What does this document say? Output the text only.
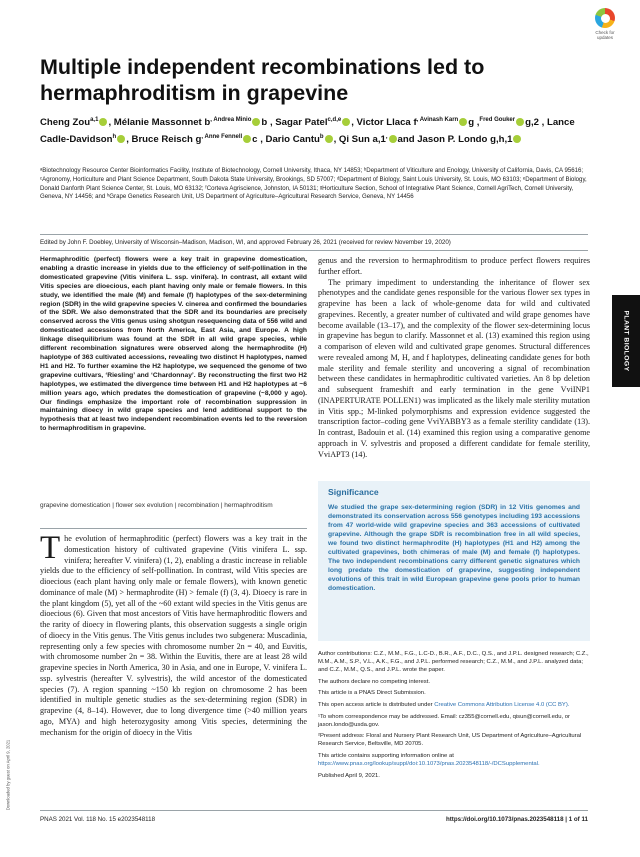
Check for
updates
Multiple independent recombinations led to hermaphroditism in grapevine
Cheng Zou$^{a,1}$ , Mélanie Massonnet $b^{, Andrea Minio}$ b , Sagar Patel$^{c,d,e}$ , Victor Llaca $f^{, Avinash Karn}$ g ,$^{Fred Gouker}$ g,2 , Lance Cadle-Davidson$^h$ , Bruce Reisch $g^{, Anne Fennell}$ c , Dario Cantu$^b$ , Qi Sun a,1, and Jason P. Londo g,h,1
ᵃBiotechnology Resource Center Bioinformatics Facility, Institute of Biotechnology, Cornell University, Ithaca, NY 14853; ᵇDepartment of Viticulture and Enology, University of California, Davis, CA 95616; ᶜAgronomy, Horticulture and Plant Science Department, South Dakota State University, Brookings, SD 57007; ᵈDepartment of Biology, Saint Louis University, St. Louis, MO 63103; ᵉDepartment of Biology, Donald Danforth Plant Science Center, St. Louis, MO 63132; ᶠCorteva Agriscience, Johnston, IA 50131; ᵍHorticulture Section, School of Integrative Plant Science, Cornell AgriTech, Cornell University, Geneva, NY 14456; and ʰGrape Genetics Research Unit, US Department of Agriculture–Agricultural Research Service, Geneva, NY 14456
Edited by John F. Doebley, University of Wisconsin–Madison, Madison, WI, and approved February 26, 2021 (received for review November 19, 2020)

Hermaphroditic (perfect) flowers were a key trait in grapevine domestication, enabling a drastic increase in yields due to the efficiency of self-pollination in the domesticated grapevine (Vitis vinifera L. ssp. vinifera). In contrast, all extant wild Vitis species are dioecious, each plant having only male or female flowers. In this study, we identified the male (M) and female (f) haplotypes of the sex-determining region (SDR) in the wild grapevine species V. cinerea and confirmed the boundaries of the SDR. We also demonstrated that the SDR and its boundaries are precisely conserved across the Vitis genus using shotgun resequencing data of 556 wild and domesticated accessions from North America, East Asia, and Europe. A high linkage disequilibrium was found at the SDR in all wild grape species, while different recombination signatures were observed along the hermaphrodite (H) haplotype of 363 cultivated accessions, revealing two distinct H haplotypes, named H1 and H2. To further examine the H2 haplotype, we sequenced the genome of two grapevine cultivars, ‘Riesling’ and ‘Chardonnay’. By reconstructing the first two H2 haplotypes, we estimated the divergence time between H1 and H2 haplotypes at ~6 million years ago, which predates the domestication of grapevine (~8,000 y ago). Our findings emphasize the important role of recombination suppression in maintaining dioecy in wild grape species and lend additional support to the hypothesis that at least two independent recombination events led to the reversion to hermaphroditism in grapevine.

grapevine domestication | flower sex evolution | recombination | hermaphroditism
T he evolution of hermaphroditic (perfect) flowers was a key trait in the domestication history of cultivated grapevine (Vitis vinifera L. ssp. vinifera; hereafter V. vinifera) (1, 2), enabling a drastic increase in reliable yields due to the efficiency of self-pollination. In contrast, wild Vitis species are dioecious (each plant having only male or female flowers), with known genetic dominance of male (M) > hermaphrodite (H) > female (f) (3, 4). Dioecy is rare in the plant kingdom (5), yet all of the ~60 extant wild species in the Vitis genus are dioecious (6). Given that most ancestors of Vitis have hermaphroditic flowers and the rarity of dioecy in flowering plants, this observation suggests a single origin of dioecy in the Vitis genus. The Vitis genus includes two subgenera: Muscadinia, representing only a few species with chromosome number 2n = 40, and Euvitis, with chromosome number 2n = 38. Within the Euvitis, there are at least 28 wild grapevine species in North America, 30 in Asia, and one in Europe, V. vinifera L. ssp. sylvestris (hereafter V. sylvestris), the wild ancestor of the domesticated species (7). A region spanning ~150 kb region on chromosome 2 has been identified in multiple genetic studies as the sex-determining region (SDR) in grapevine (4, 8–14). However, due to long divergence time (>40 million years ago, MYA) and high heterozygosity among Vitis species, determining the mechanism for the origin of dioecy in the Vitis

genus and the reversion to hermaphroditism to produce perfect flowers requires further effort.

The primary impediment to understanding the inheritance of flower sex phenotypes and the candidate genes responsible for the various flower sex types in grapevine has been a lack of whole-genome data for wild and cultivated grapevines. Recently, a greater number of cultivated and wild grape genomes have become available (13–17), and the complexity of the flower sex-determining locus in grapevine has begun to clarify. Massonnet et al. (13) examined this region using a comparison of eleven wild and cultivated grape genomes. Structural differences were revealed among M, H, and f haplotypes, delineating candidate genes for both male sterility and female sterility and uncovering a signal of recombination between these candidates in hermaphroditic cultivated varieties. An 8 bp deletion and subsequent frameshift and early termination in the gene VviINP1 (INAPERTURATE POLLEN1) was implicated as the likely male sterility mutation in Vitis spp.; M-linked polymorphisms and expression evidence suggested the transcription factor–coding gene VviYABBY3 as a female sterility candidate (13). In contrast, Badouin et al. (14) examined this region using a comparative genome approach in V. sylvestris and proposed a different candidate for female sterility, VviAPT3 (14).

Significance

We studied the grape sex-determining region (SDR) in 12 Vitis genomes and demonstrated its conservation across 556 genotypes including 193 accessions from 47 world-wide wild grapevine species and 363 accessions of cultivated grapevine. Although the grape SDR is recombination free in all wild species, we found two distinct hermaphrodite (H) haplotypes (H1 and H2) among the cultivated grapevines, both chimeras of male (M) and female (f) haplotypes. The two independent recombinations carry different genetic signatures which long predate the domestication of grapevine, suggesting independent evolutions of this trait in wild European grapevine gene pools prior to human domestication.

Author contributions: C.Z., M.M., F.G., L.C-D., B.R., A.F., D.C., Q.S., and J.P.L. designed research; C.Z., M.M., A.M., S.P., V.L., A.K., F.G., and J.P.L. performed research; C.Z., M.M., and J.P.L. analyzed data; and C.Z., M.M., Q.S., and J.P.L. wrote the paper.

The authors declare no competing interest.

This article is a PNAS Direct Submission.

This open access article is distributed under Creative Commons Attribution License 4.0 (CC BY).

¹To whom correspondence may be addressed. Email: cz355@cornell.edu, qisun@cornell.edu, or jason.londo@usda.gov.

²Present address: Floral and Nursery Plant Research Unit, US Department of Agriculture–Agricultural Research Service, Beltsville, MD 20705.

This article contains supporting information online at https://www.pnas.org/lookup/suppl/doi:10.1073/pnas.2023548118/-/DCSupplemental.

Published April 9, 2021.

PLANT BIOLOGY
PNAS 2021 Vol. 118 No. 15 e2023548118	https://doi.org/10.1073/pnas.2023548118 | 1 of 11
Downloaded by guest on April 9, 2021
